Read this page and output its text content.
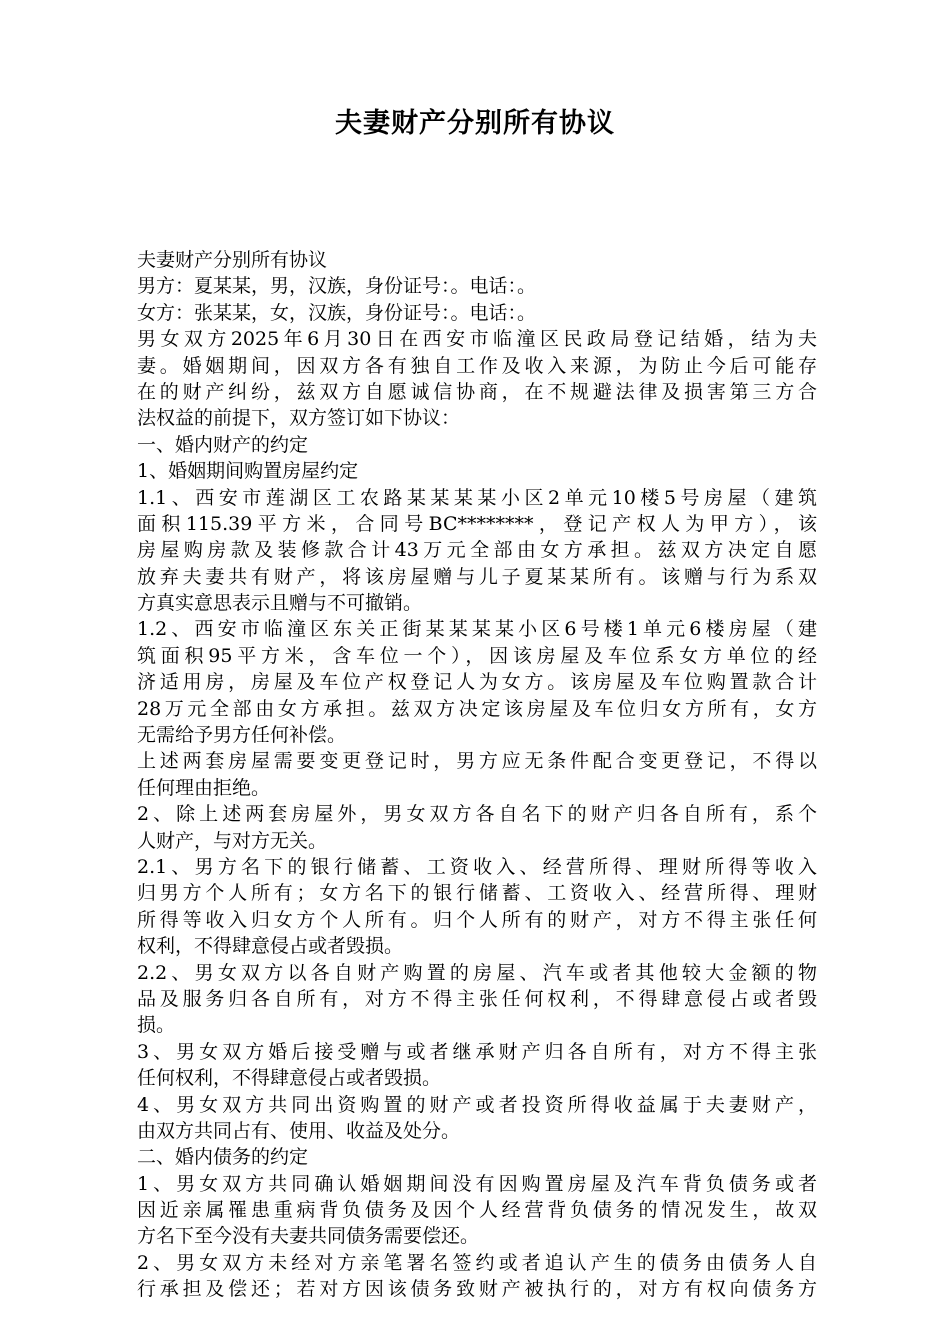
夫妻财产分别所有协议
夫妻财产分别所有协议
男方：夏某某，男，汉族，身份证号：。电话：。
女方：张某某，女，汉族，身份证号：。电话：。
男女双方2025年6月30日在西安市临潼区民政局登记结婚，结为夫
妻。婚姻期间，因双方各有独自工作及收入来源，为防止今后可能存
在的财产纠纷，兹双方自愿诚信协商，在不规避法律及损害第三方合
法权益的前提下，双方签订如下协议：
一、婚内财产的约定
1、婚姻期间购置房屋约定
1.1、西安市莲湖区工农路某某某某小区2单元10楼5号房屋（建筑
面积115.39平方米，合同号BC********，登记产权人为甲方），该
房屋购房款及装修款合计43万元全部由女方承担。兹双方决定自愿
放弃夫妻共有财产，将该房屋赠与儿子夏某某所有。该赠与行为系双
方真实意思表示且赠与不可撤销。
1.2、西安市临潼区东关正街某某某某小区6号楼1单元6楼房屋（建
筑面积95平方米，含车位一个），因该房屋及车位系女方单位的经
济适用房，房屋及车位产权登记人为女方。该房屋及车位购置款合计
28万元全部由女方承担。兹双方决定该房屋及车位归女方所有，女方
无需给予男方任何补偿。
上述两套房屋需要变更登记时，男方应无条件配合变更登记，不得以
任何理由拒绝。
2、除上述两套房屋外，男女双方各自名下的财产归各自所有，系个
人财产，与对方无关。
2.1、男方名下的银行储蓄、工资收入、经营所得、理财所得等收入
归男方个人所有；女方名下的银行储蓄、工资收入、经营所得、理财
所得等收入归女方个人所有。归个人所有的财产，对方不得主张任何
权利，不得肆意侵占或者毁损。
2.2、男女双方以各自财产购置的房屋、汽车或者其他较大金额的物
品及服务归各自所有，对方不得主张任何权利，不得肆意侵占或者毁
损。
3、男女双方婚后接受赠与或者继承财产归各自所有，对方不得主张
任何权利，不得肆意侵占或者毁损。
4、男女双方共同出资购置的财产或者投资所得收益属于夫妻财产，
由双方共同占有、使用、收益及处分。
二、婚内债务的约定
1、男女双方共同确认婚姻期间没有因购置房屋及汽车背负债务或者
因近亲属罹患重病背负债务及因个人经营背负债务的情况发生，故双
方名下至今没有夫妻共同债务需要偿还。
2、男女双方未经对方亲笔署名签约或者追认产生的债务由债务人自
行承担及偿还；若对方因该债务致财产被执行的，对方有权向债务方
